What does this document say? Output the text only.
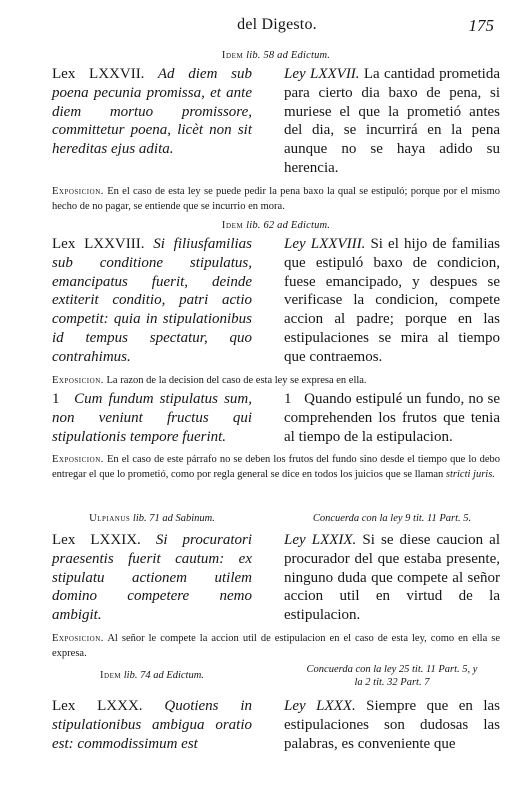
del Digesto.	175
Idem lib. 58 ad Edictum.
Lex LXXVII. Ad diem sub poena pecunia promissa, et ante diem mortuo promissore, committetur poena, licèt non sit hereditas ejus adita.
Ley LXXVII. La cantidad prometida para cierto dia baxo de pena, si muriese el que la prometió antes del dia, se incurrirá en la pena aunque no se haya adido su herencia.
Exposicion. En el caso de esta ley se puede pedir la pena baxo la qual se estipuló; porque por el mismo hecho de no pagar, se entiende que se incurrio en mora.
Idem lib. 62 ad Edictum.
Lex LXXVIII. Si filiusfamilias sub conditione stipulatus, emancipatus fuerit, deinde extiterit conditio, patri actio competit: quia in stipulationibus id tempus spectatur, quo contrahimus.
Ley LXXVIII. Si el hijo de familias que estipuló baxo de condicion, fuese emancipado, y despues se verificase la condicion, compete accion al padre; porque en las estipulaciones se mira al tiempo que contraemos.
Exposicion. La razon de la decision del caso de esta ley se expresa en ella.
1 Cum fundum stipulatus sum, non veniunt fructus qui stipulationis tempore fuerint.
1 Quando estipulé un fundo, no se comprehenden los frutos que tenia al tiempo de la estipulacion.
Exposicion. En el caso de este párrafo no se deben los frutos del fundo sino desde el tiempo que lo debo entregar el que lo prometió, como por regla general se dice en todos los juicios que se llaman stricti juris.
Ulpianus lib. 71 ad Sabinum.	Concuerda con la ley 9 tit. 11 Part. 5.
Lex LXXIX. Si procuratori praesentis fuerit cautum: ex stipulatu actionem utilem domino competere nemo ambigit.
Ley LXXIX. Si se diese caucion al procurador del que estaba presente, ninguno duda que compete al señor accion util en virtud de la estipulacion.
Exposicion. Al señor le compete la accion util de estipulacion en el caso de esta ley, como en ella se expresa.
Idem lib. 74 ad Edictum.
Concuerda con la ley 25 tit. 11 Part. 5, y
la 2 tit. 32 Part. 7
Lex LXXX. Quotiens in stipulationibus ambigua oratio est: commodissimum est
Ley LXXX. Siempre que en las estipulaciones son dudosas las palabras, es conveniente que
